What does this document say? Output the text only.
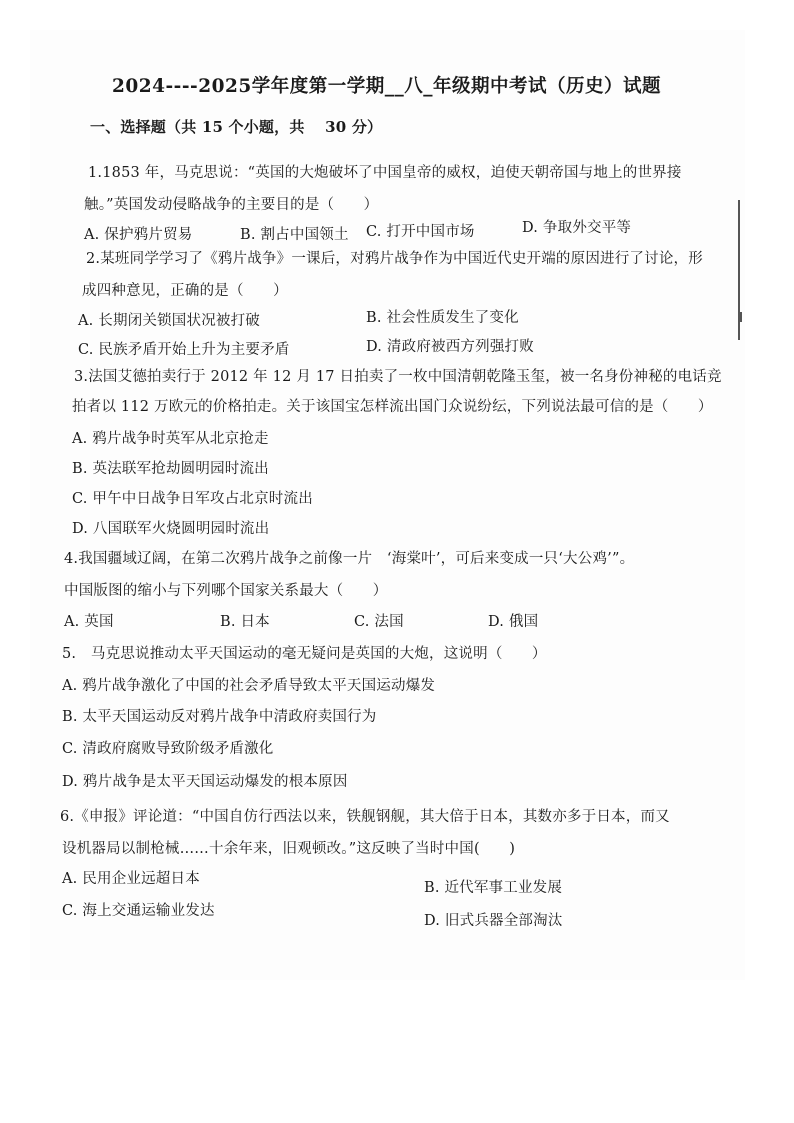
2024----2025学年度第一学期__八_年级期中考试（历史）试题
一、选择题（共 15 个小题，共　 30 分）
1.1853 年，马克思说：“英国的大炮破坏了中国皇帝的威权，迫使天朝帝国与地上的世界接
触。”英国发动侵略战争的主要目的是（　　）
A. 保护鸦片贸易	B. 割占中国领土 C. 打开中国市场	D. 争取外交平等
2.某班同学学习了《鸦片战争》一课后，对鸦片战争作为中国近代史开端的原因进行了讨论，形
成四种意见，正确的是（　　）
A. 长期闭关锁国状况被打破	B. 社会性质发生了变化
C. 民族矛盾开始上升为主要矛盾	D. 清政府被西方列强打败
3.法国艾德拍卖行于 2012 年 12 月 17 日拍卖了一枚中国清朝乾隆玉玺，被一名身份神秘的电话竞
拍者以 112 万欧元的价格拍走。关于该国宝怎样流出国门众说纷纭，下列说法最可信的是（　　）
A. 鸦片战争时英军从北京抢走
B. 英法联军抢劫圆明园时流出
C. 甲午中日战争日军攻占北京时流出
D. 八国联军火烧圆明园时流出
4.我国疆域辽阔，在第二次鸦片战争之前像一片　‘海棠叶’，可后来变成一只‘大公鸡’”。
中国版图的缩小与下列哪个国家关系最大（　　）
A. 英国	B. 日本	C. 法国	D. 俄国
5.　马克思说推动太平天国运动的毫无疑问是英国的大炮，这说明（　　）
A. 鸦片战争激化了中国的社会矛盾导致太平天国运动爆发
B. 太平天国运动反对鸦片战争中清政府卖国行为
C. 清政府腐败导致阶级矛盾激化
D. 鸦片战争是太平天国运动爆发的根本原因
6.《申报》评论道：“中国自仿行西法以来，铁舰钢舰，其大倍于日本，其数亦多于日本，而又
设机器局以制枪械……十余年来，旧观顿改。”这反映了当时中国(　　)
A. 民用企业远超日本
B. 近代军事工业发展
C. 海上交通运输业发达
D. 旧式兵器全部淘汰
